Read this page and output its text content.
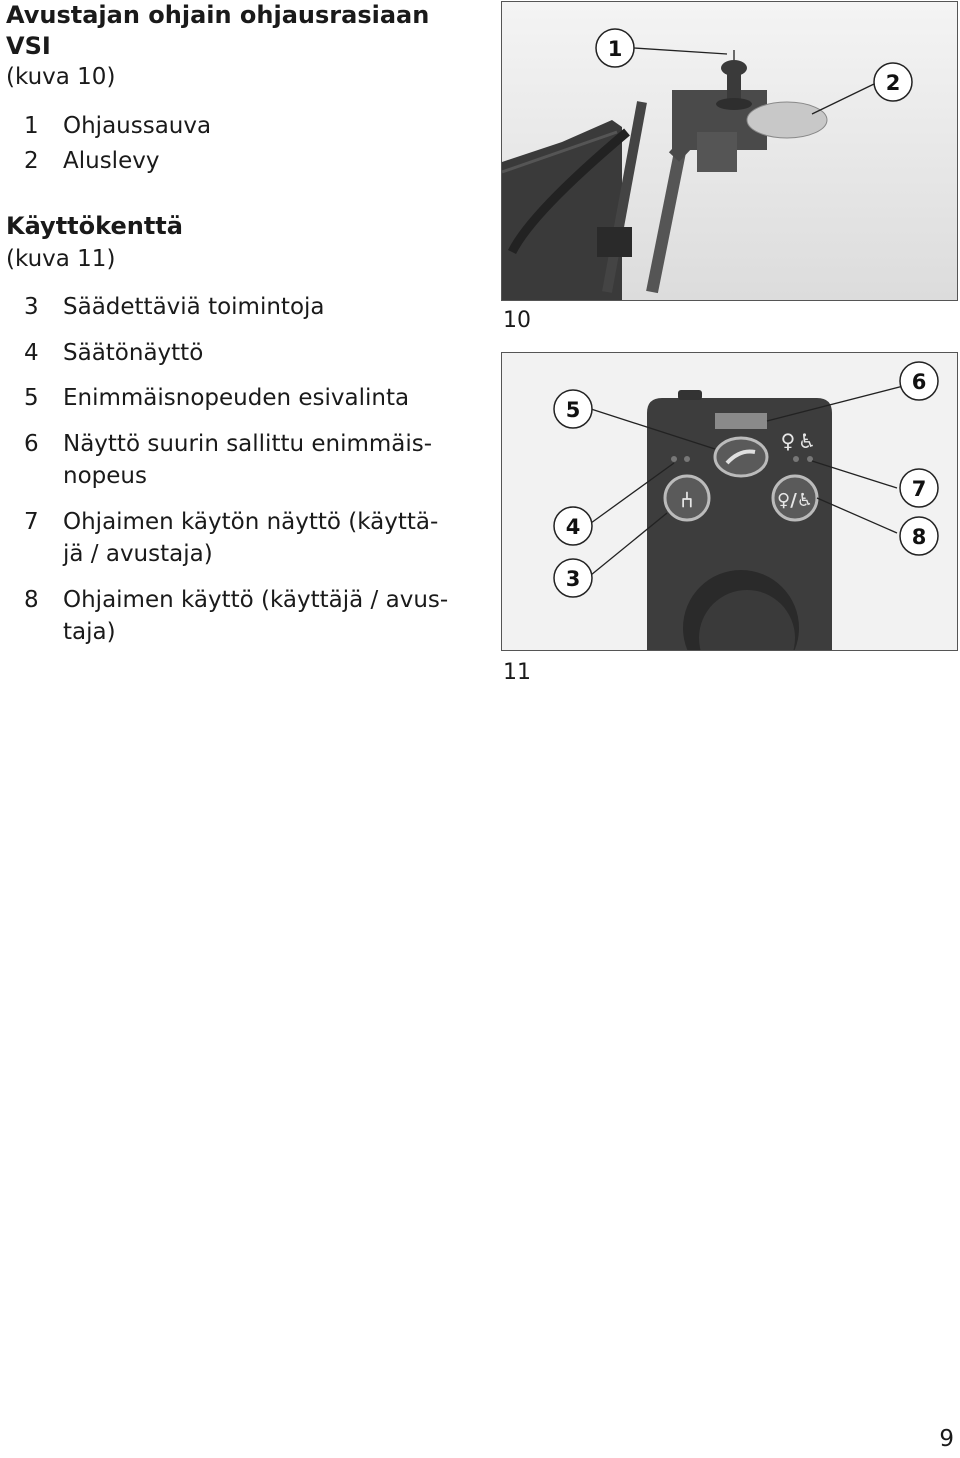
Avustajan ohjain ohjausrasiaan
VSI
(kuva 10)
1	Ohjaussauva
2	Aluslevy
Käyttökenttä
(kuva 11)
3	Säädettäviä toimintoja
4	Säätönäyttö
5	Enimmäisnopeuden esivalinta
6	Näyttö suurin sallittu enimmäis-
nopeus
7	Ohjaimen käytön näyttö (käyttä-
jä / avustaja)
8	Ohjaimen käyttö (käyttäjä / avus-
taja)
1
2
10
♀ ♿
⑃	♀/♿
5
4
3
6
7
8
11
9
